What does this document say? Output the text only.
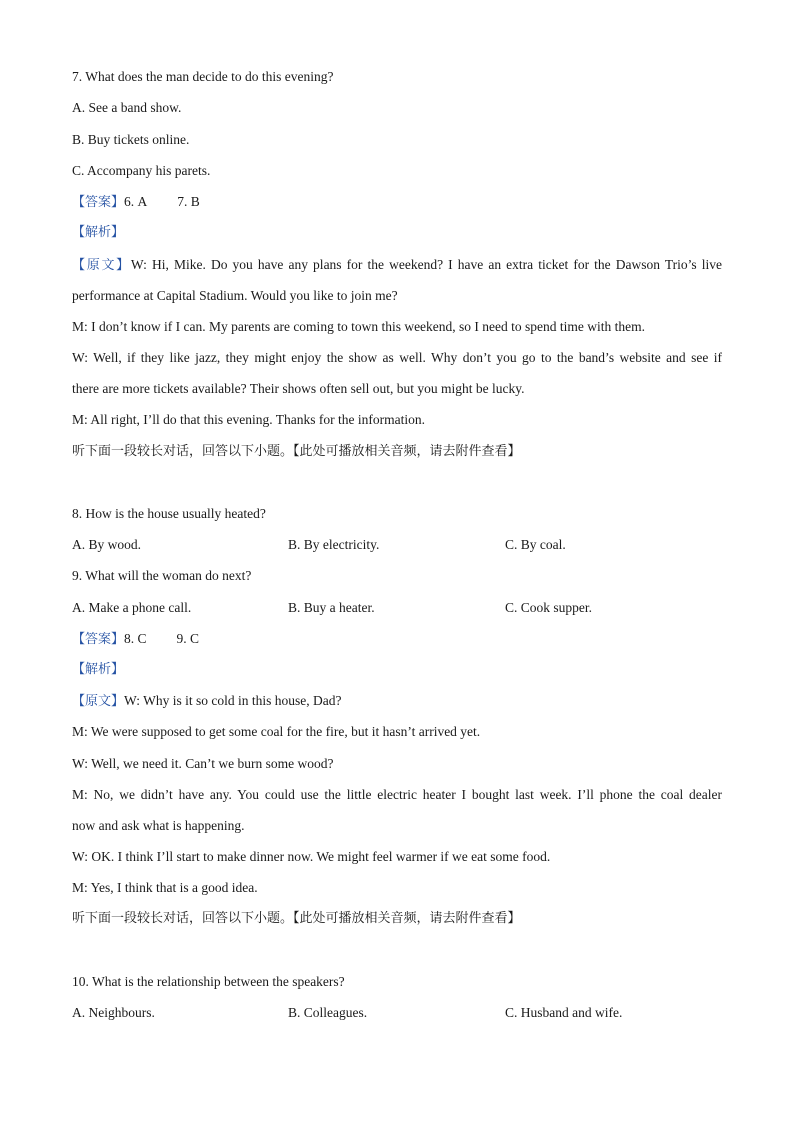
7. What does the man decide to do this evening?
A. See a band show.
B. Buy tickets online.
C. Accompany his parets.
【答案】6. A 7. B
【解析】
【原文】W: Hi, Mike. Do you have any plans for the weekend? I have an extra ticket for the Dawson Trio’s live
performance at Capital Stadium. Would you like to join me?
M: I don’t know if I can. My parents are coming to town this weekend, so I need to spend time with them.
W: Well, if they like jazz, they might enjoy the show as well. Why don’t you go to the band’s website and see if
there are more tickets available? Their shows often sell out, but you might be lucky.
M: All right, I’ll do that this evening. Thanks for the information.
听下面一段较长对话，回答以下小题。【此处可播放相关音频，请去附件查看】
8. How is the house usually heated?
A. By wood.	B. By electricity.	C. By coal.
9. What will the woman do next?
A. Make a phone call.	B. Buy a heater.	C. Cook supper.
【答案】8. C 9. C
【解析】
【原文】W: Why is it so cold in this house, Dad?
M: We were supposed to get some coal for the fire, but it hasn’t arrived yet.
W: Well, we need it. Can’t we burn some wood?
M: No, we didn’t have any. You could use the little electric heater I bought last week. I’ll phone the coal dealer
now and ask what is happening.
W: OK. I think I’ll start to make dinner now. We might feel warmer if we eat some food.
M: Yes, I think that is a good idea.
听下面一段较长对话，回答以下小题。【此处可播放相关音频，请去附件查看】
10. What is the relationship between the speakers?
A. Neighbours.	B. Colleagues.	C. Husband and wife.
